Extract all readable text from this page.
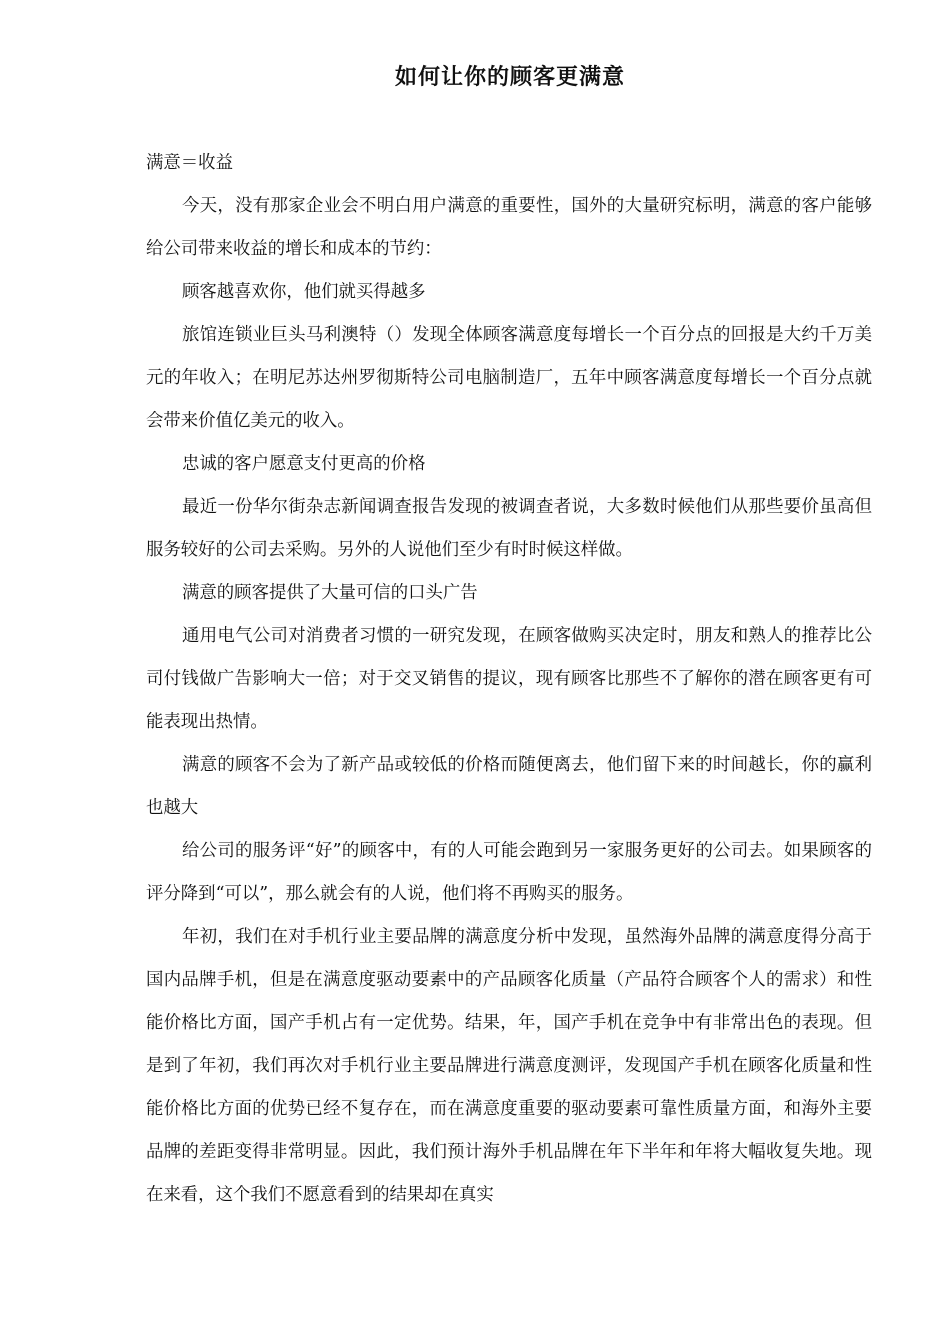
如何让你的顾客更满意

满意＝收益

今天，没有那家企业会不明白用户满意的重要性，国外的大量研究标明，满意的客户能够给公司带来收益的增长和成本的节约：

顾客越喜欢你，他们就买得越多

旅馆连锁业巨头马利澳特（）发现全体顾客满意度每增长一个百分点的回报是大约千万美元的年收入；在明尼苏达州罗彻斯特公司电脑制造厂，五年中顾客满意度每增长一个百分点就会带来价值亿美元的收入。

忠诚的客户愿意支付更高的价格

最近一份华尔街杂志新闻调查报告发现的被调查者说，大多数时候他们从那些要价虽高但服务较好的公司去采购。另外的人说他们至少有时时候这样做。

满意的顾客提供了大量可信的口头广告

通用电气公司对消费者习惯的一研究发现，在顾客做购买决定时，朋友和熟人的推荐比公司付钱做广告影响大一倍；对于交叉销售的提议，现有顾客比那些不了解你的潜在顾客更有可能表现出热情。

满意的顾客不会为了新产品或较低的价格而随便离去，他们留下来的时间越长，你的赢利也越大

给公司的服务评“好”的顾客中，有的人可能会跑到另一家服务更好的公司去。如果顾客的评分降到“可以”，那么就会有的人说，他们将不再购买的服务。

年初，我们在对手机行业主要品牌的满意度分析中发现，虽然海外品牌的满意度得分高于国内品牌手机，但是在满意度驱动要素中的产品顾客化质量（产品符合顾客个人的需求）和性能价格比方面，国产手机占有一定优势。结果，年，国产手机在竞争中有非常出色的表现。但是到了年初，我们再次对手机行业主要品牌进行满意度测评，发现国产手机在顾客化质量和性能价格比方面的优势已经不复存在，而在满意度重要的驱动要素可靠性质量方面，和海外主要品牌的差距变得非常明显。因此，我们预计海外手机品牌在年下半年和年将大幅收复失地。现在来看，这个我们不愿意看到的结果却在真实
